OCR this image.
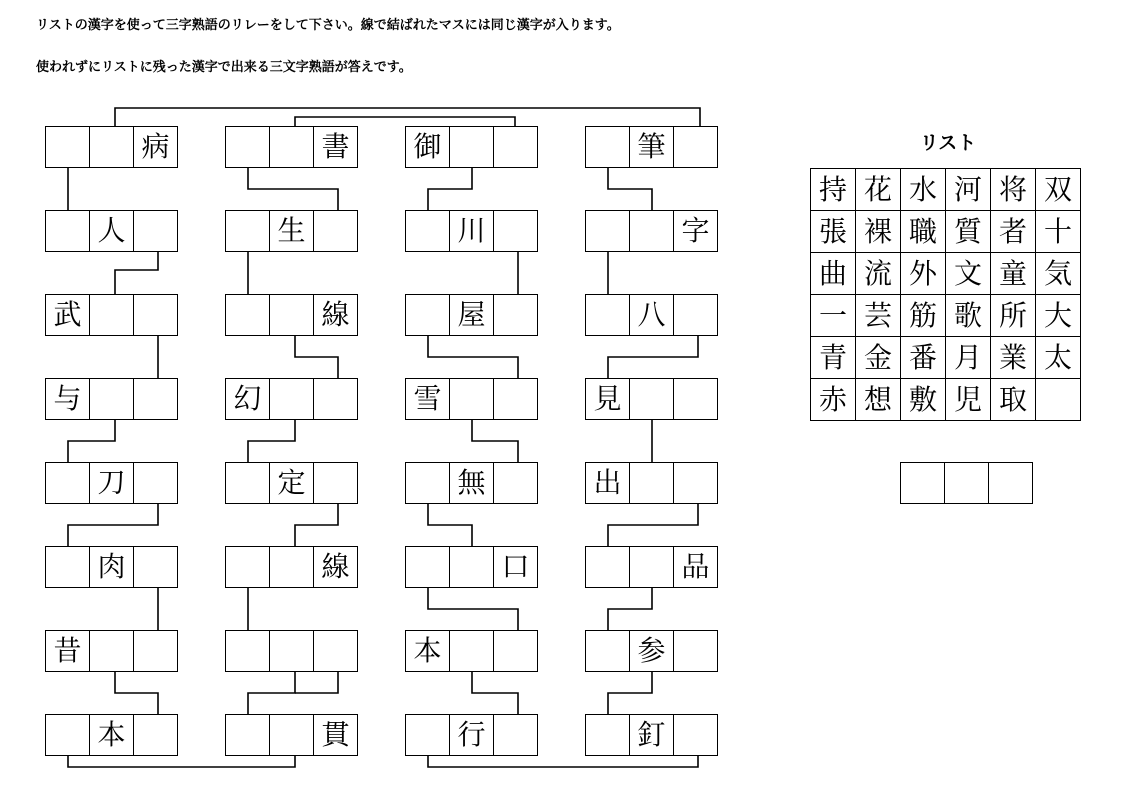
リストの漢字を使って三字熟語のリレーをして下さい。線で結ばれたマスには同じ漢字が入ります。
使われずにリストに残った漢字で出来る三文字熟語が答えです。
病
人
武
与
刀
肉
昔
本
書
生
線
幻
定
線
貫
御
川
屋
雪
無
口
本
行
筆
字
八
見
出
品
参
釘
リスト
持 花 水 河 将 双
張 裸 職 質 者 十
曲 流 外 文 童 気
一 芸 筋 歌 所 大
青 金 番 月 業 太
赤 想 敷 児 取
